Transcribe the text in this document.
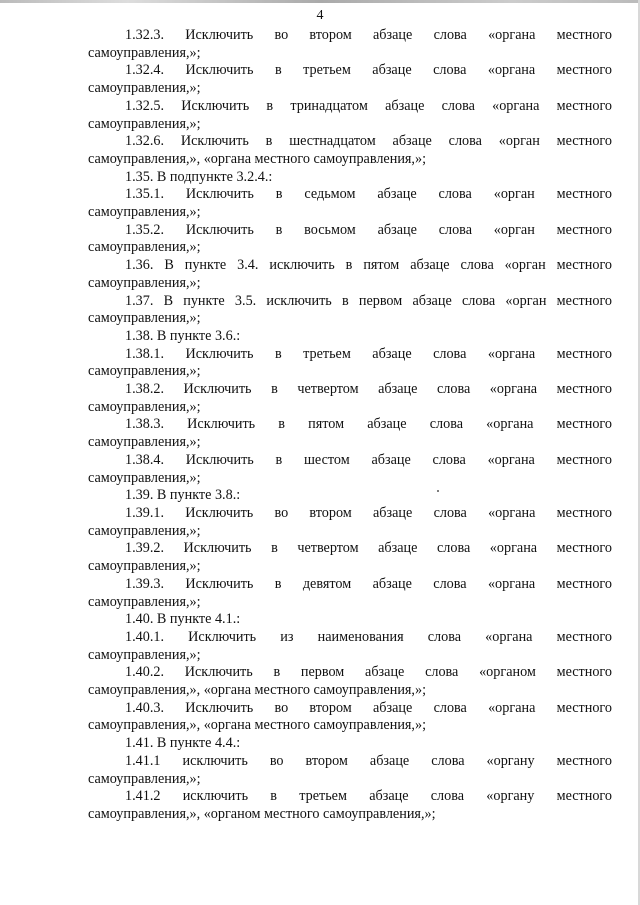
4

1.32.3. Исключить во втором абзаце слова «органа местного
самоуправления,»;

1.32.4. Исключить в третьем абзаце слова «органа местного
самоуправления,»;

1.32.5. Исключить в тринадцатом абзаце слова «органа местного
самоуправления,»;

1.32.6. Исключить в шестнадцатом абзаце слова «орган местного
самоуправления,», «органа местного самоуправления,»;

1.35. В подпункте 3.2.4.:

1.35.1. Исключить в седьмом абзаце слова «орган местного
самоуправления,»;

1.35.2. Исключить в восьмом абзаце слова «орган местного
самоуправления,»;

1.36. В пункте 3.4. исключить в пятом абзаце слова «орган местного
самоуправления,»;

1.37. В пункте 3.5. исключить в первом абзаце слова «орган местного
самоуправления,»;

1.38. В пункте 3.6.:

1.38.1. Исключить в третьем абзаце слова «органа местного
самоуправления,»;

1.38.2. Исключить в четвертом абзаце слова «органа местного
самоуправления,»;

1.38.3. Исключить в пятом абзаце слова «органа местного
самоуправления,»;

1.38.4. Исключить в шестом абзаце слова «органа местного
самоуправления,»;

1.39. В пункте 3.8.:

1.39.1. Исключить во втором абзаце слова «органа местного
самоуправления,»;

1.39.2. Исключить в четвертом абзаце слова «органа местного
самоуправления,»;

1.39.3. Исключить в девятом абзаце слова «органа местного
самоуправления,»;

1.40. В пункте 4.1.:

1.40.1. Исключить из наименования слова «органа местного
самоуправления,»;

1.40.2. Исключить в первом абзаце слова «органом местного
самоуправления,», «органа местного самоуправления,»;

1.40.3. Исключить во втором абзаце слова «органа местного
самоуправления,», «органа местного самоуправления,»;

1.41. В пункте 4.4.:

1.41.1 исключить во втором абзаце слова «органу местного
самоуправления,»;

1.41.2 исключить в третьем абзаце слова «органу местного
самоуправления,», «органом местного самоуправления,»;
